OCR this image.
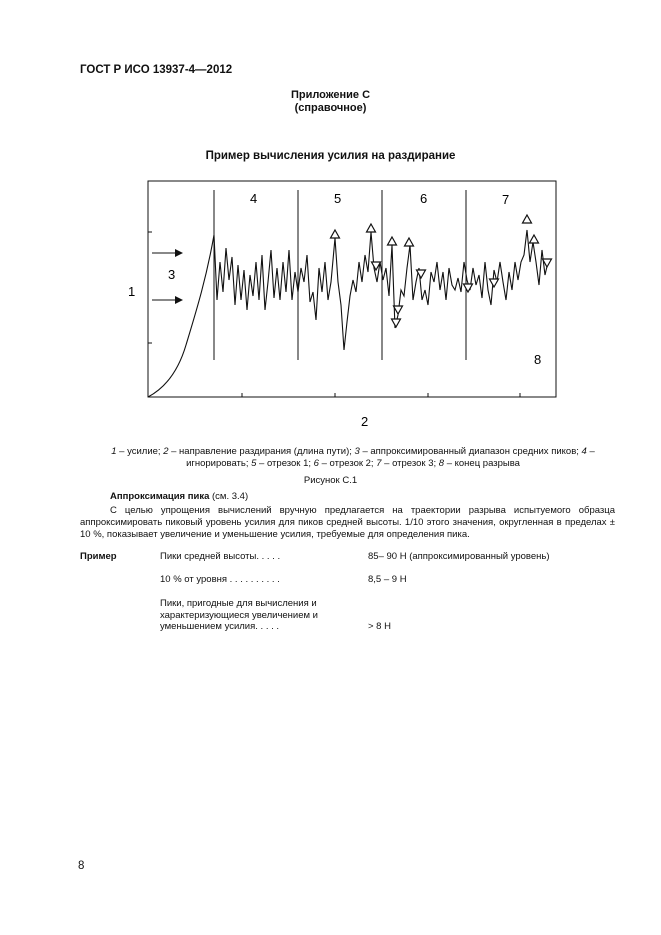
ГОСТ Р ИСО 13937-4—2012
Приложение С
(справочное)
Пример вычисления усилия на раздирание
1
2
3
4	5	6	7
8
1 – усилие; 2 – направление раздирания (длина пути); 3 – аппроксимированный диапазон средних пиков; 4 – игнорировать; 5 – отрезок 1; 6 – отрезок 2; 7 – отрезок 3; 8 – конец разрыва
Рисунок С.1
Аппроксимация пика (см. 3.4)
С целью упрощения вычислений вручную предлагается на траектории разрыва испытуемого образца аппроксимировать пиковый уровень усилия для пиков средней высоты. 1/10 этого значения, округленная в пределах ± 10 %, показывает увеличение и уменьшение усилия, требуемые для определения пика.
Пример	Пики средней высоты. . . . .	85– 90 Н (аппроксимированный уровень)
10 % от уровня . . . . . . . . . .	8,5 – 9 Н
Пики, пригодные для вычисления и
характеризующиеся увеличением и
уменьшением усилия. . . . .	> 8 Н
8
